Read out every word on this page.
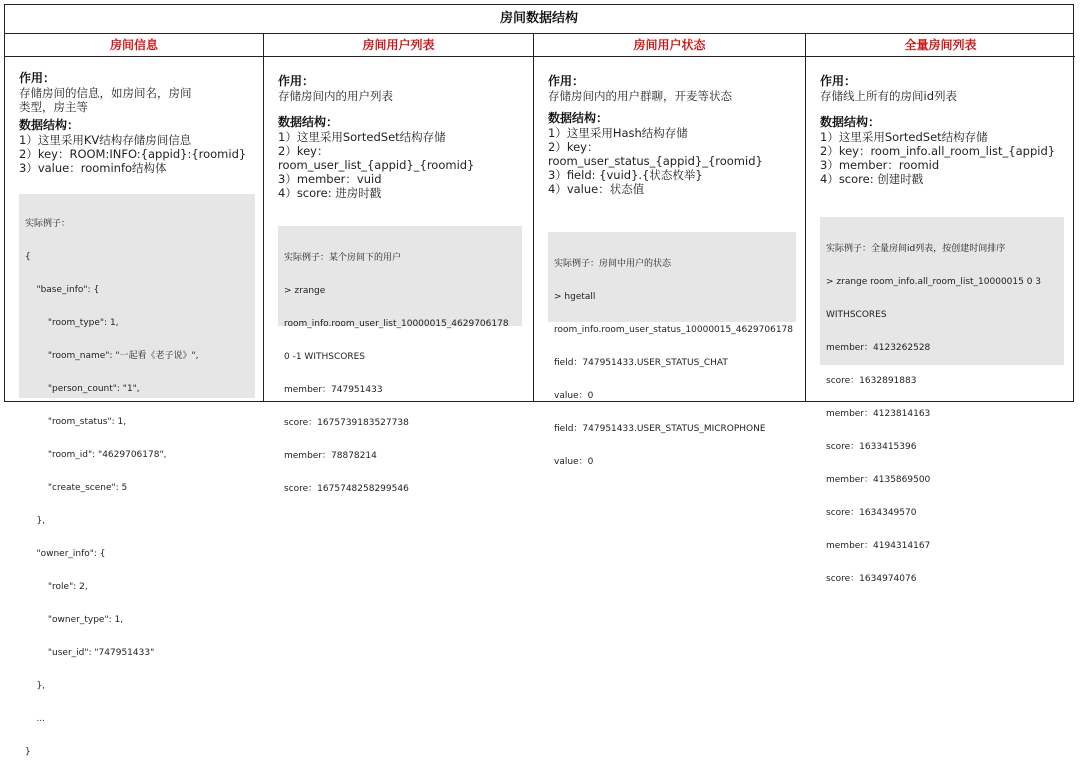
房间数据结构
房间信息

作用：

存储房间的信息，如房间名，房间

类型，房主等

数据结构：

1）这里采用KV结构存储房间信息

2）key：ROOM:INFO:{appid}:{roomid}

3）value：roominfo结构体

实际例子：

{

"base_info": {

"room_type": 1,

"room_name": "一起看《老子说》",

"person_count": "1",

"room_status": 1,

"room_id": "4629706178",

"create_scene": 5

},

"owner_info": {

"role": 2,

"owner_type": 1,

"user_id": "747951433"

},

...

}

房间用户列表

作用：

存储房间内的用户列表

数据结构：

1）这里采用SortedSet结构存储

2）key：room_user_list_{appid}_{roomid}

3）member：vuid

4）score: 进房时戳

实际例子：某个房间下的用户

> zrange

room_info.room_user_list_10000015_4629706178

0 -1 WITHSCORES

member：747951433

score：1675739183527738

member：78878214

score：1675748258299546

房间用户状态

作用：

存储房间内的用户群聊，开麦等状态

数据结构：

1）这里采用Hash结构存储

2）key：room_user_status_{appid}_{roomid}

3）field: {vuid}.{状态枚举}

4）value：状态值

实际例子：房间中用户的状态

> hgetall

room_info.room_user_status_10000015_4629706178

field：747951433.USER_STATUS_CHAT

value：0

field：747951433.USER_STATUS_MICROPHONE

value：0

全量房间列表

作用：

存储线上所有的房间id列表

数据结构：

1）这里采用SortedSet结构存储

2）key：room_info.all_room_list_{appid}

3）member：roomid

4）score: 创建时戳

实际例子：全量房间id列表，按创建时间排序

> zrange room_info.all_room_list_10000015 0 3

WITHSCORES

member：4123262528

score：1632891883

member：4123814163

score：1633415396

member：4135869500

score：1634349570

member：4194314167

score：1634974076
